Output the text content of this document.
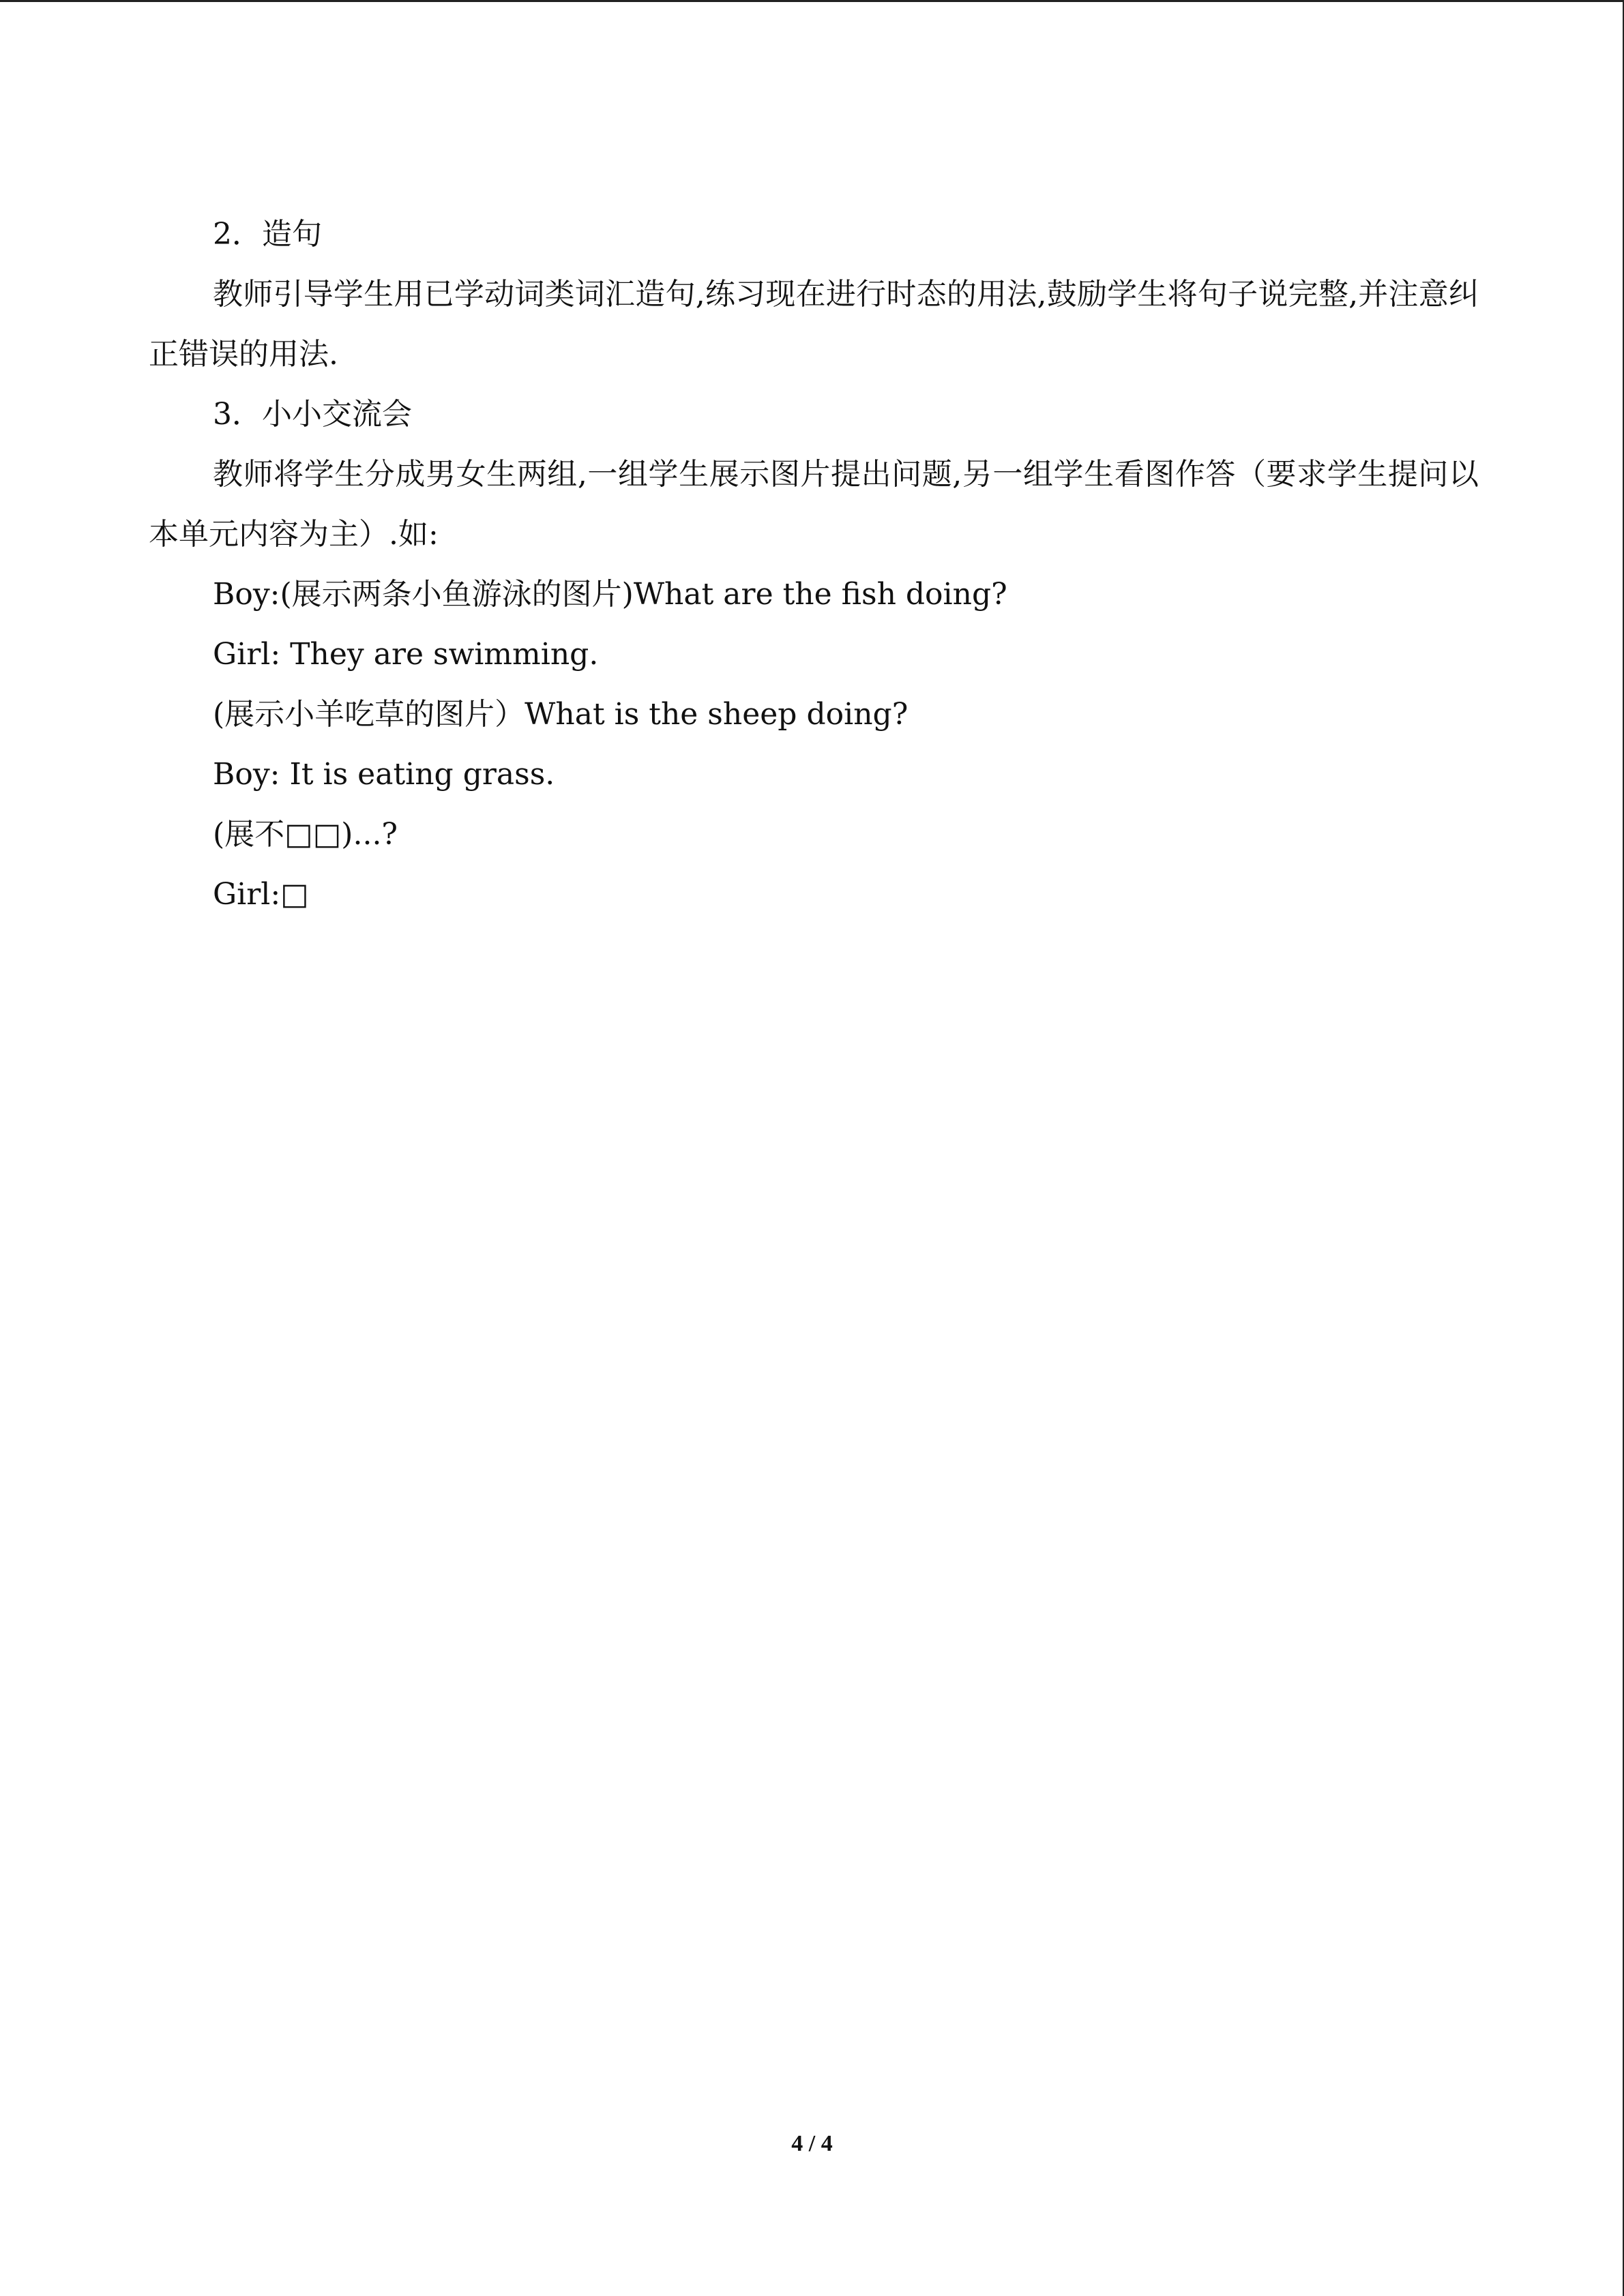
2．造句
教师引导学生用已学动词类词汇造句,练习现在进行时态的用法,鼓励学生将句子说完整,并注意纠正错误的用法.
3．小小交流会
教师将学生分成男女生两组,一组学生展示图片提出问题,另一组学生看图作答（要求学生提问以本单元内容为主）.如:
Boy:(展示两条小鱼游泳的图片)What are the fish doing?
Girl: They are swimming.
(展示小羊吃草的图片）What is the sheep doing?
Boy: It is eating grass.
(展不□□)...?
Girl:□
4 / 4
